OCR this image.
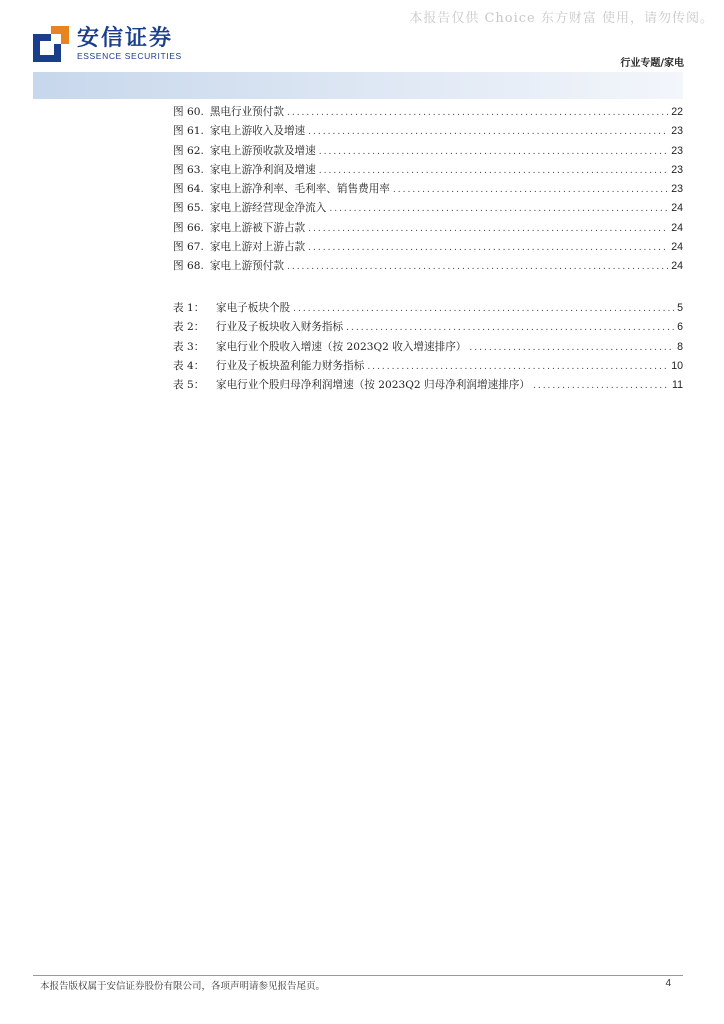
本报告仅供 Choice 东方财富 使用，请勿传阅。
安信证券
ESSENCE SECURITIES
行业专题/家电
图 60. 黑电行业预付款 .....	22
图 61. 家电上游收入及增速 .....	23
图 62. 家电上游预收款及增速 .....	23
图 63. 家电上游净利润及增速 .....	23
图 64. 家电上游净利率、毛利率、销售费用率 .....	23
图 65. 家电上游经营现金净流入 .....	24
图 66. 家电上游被下游占款 .....	24
图 67. 家电上游对上游占款 .....	24
图 68. 家电上游预付款 .....	24
表 1：	家电子板块个股 .....	5
表 2：	行业及子板块收入财务指标 .....	6
表 3：	家电行业个股收入增速（按 2023Q2 收入增速排序） .....	8
表 4：	行业及子板块盈利能力财务指标 .....	10
表 5：	家电行业个股归母净利润增速（按 2023Q2 归母净利润增速排序） .....	11
本报告版权属于安信证券股份有限公司，各项声明请参见报告尾页。	4
